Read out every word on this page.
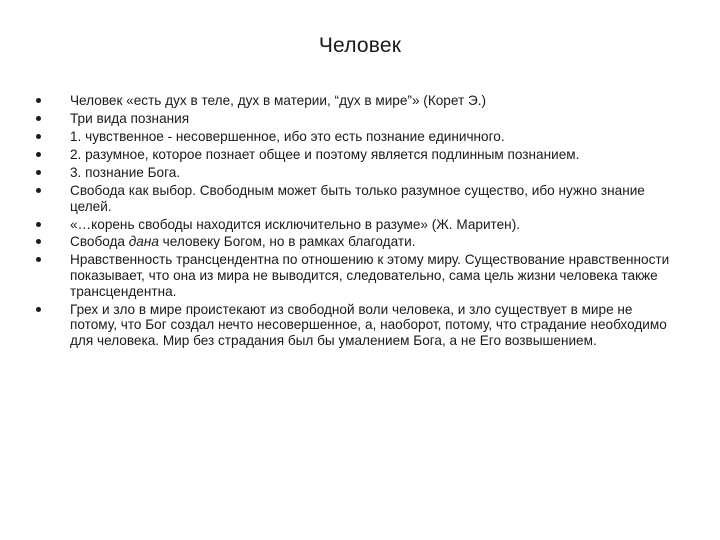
Человек
Человек «есть дух в теле, дух в материи, “дух в мире”» (Корет Э.)
Три вида познания
1. чувственное - несовершенное, ибо это есть познание единичного.
2. разумное, которое познает общее и поэтому является подлинным познанием.
3. познание Бога.
Свобода как выбор. Свободным может быть только разумное существо, ибо нужно знание целей.
«…корень свободы находится исключительно в разуме» (Ж. Маритен).
Свобода дана человеку Богом, но в рамках благодати.
Нравственность трансцендентна по отношению к этому миру. Существование нравственности показывает, что она из мира не выводится, следовательно, сама цель жизни человека также трансцендентна.
Грех и зло в мире проистекают из свободной воли человека, и зло существует в мире не потому, что Бог создал нечто несовершенное, а, наоборот, потому, что страдание необходимо для человека. Мир без страдания был бы умалением Бога, а не Его возвышением.
